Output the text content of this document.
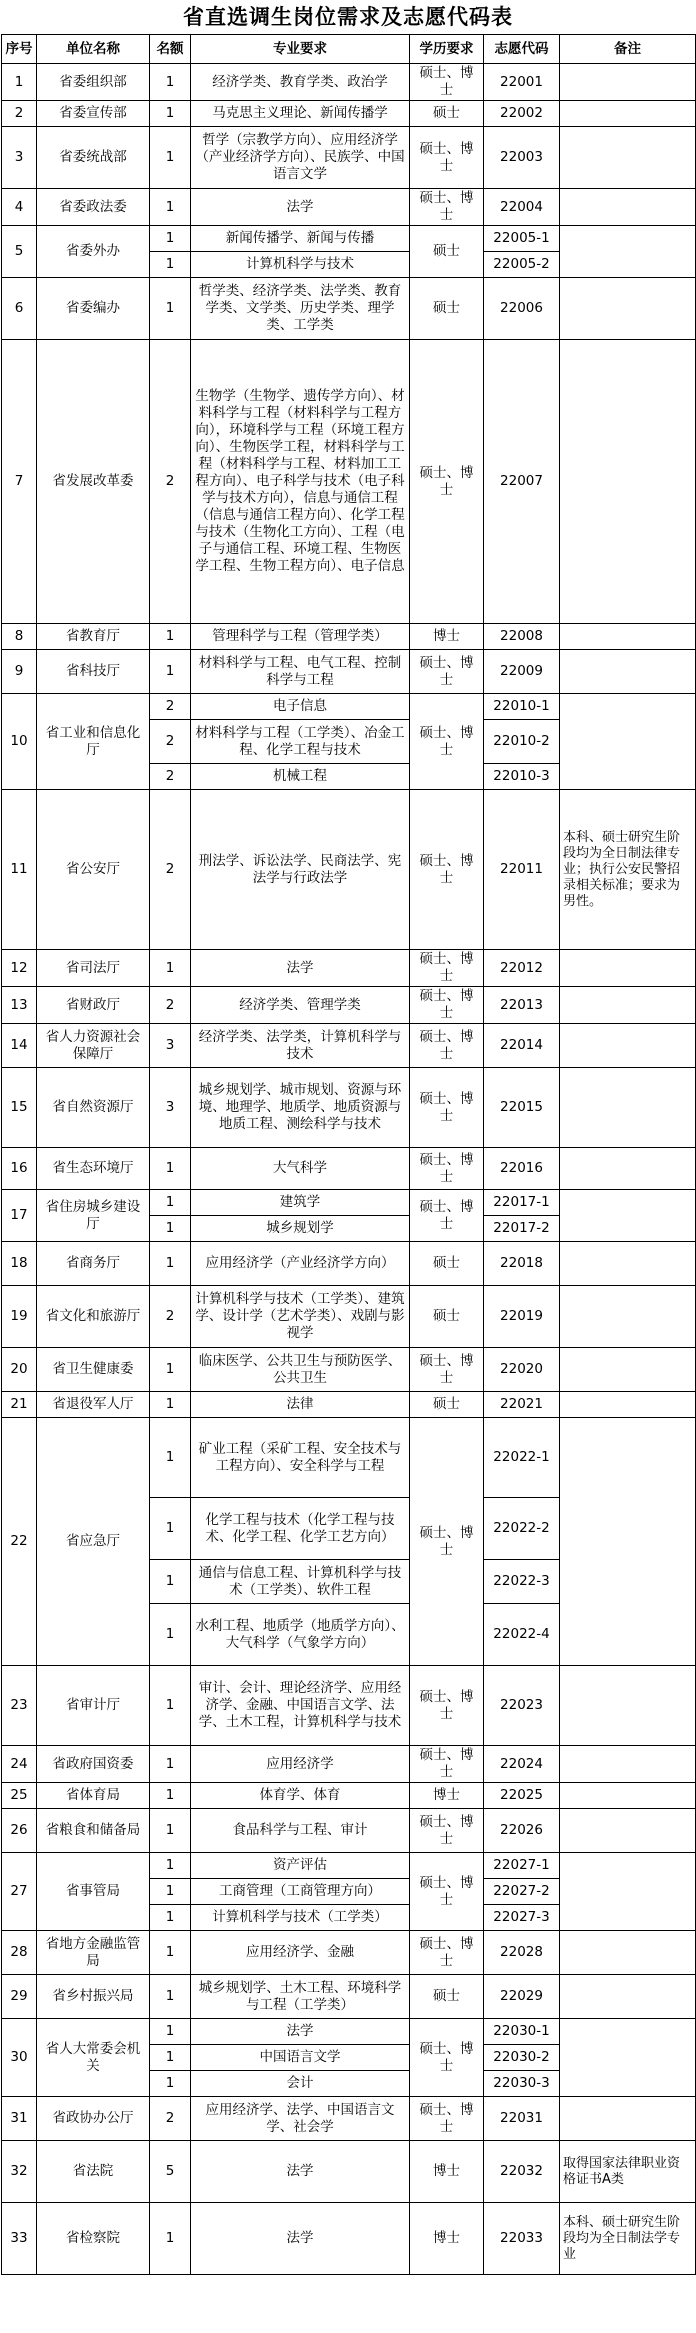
省直选调生岗位需求及志愿代码表
序号	单位名称	名额	专业要求	学历要求	志愿代码	备注
1	省委组织部	1	经济学类、教育学类、政治学	硕士、博士	22001	
2	省委宣传部	1	马克思主义理论、新闻传播学	硕士	22002	
3	省委统战部	1	哲学（宗教学方向）、应用经济学（产业经济学方向）、民族学、中国语言文学	硕士、博士	22003	
4	省委政法委	1	法学	硕士、博士	22004	
5	省委外办	1	新闻传播学、新闻与传播	硕士	22005-1	
		1	计算机科学与技术		22005-2	
6	省委编办	1	哲学类、经济学类、法学类、教育学类、文学类、历史学类、理学类、工学类	硕士	22006	
7	省发展改革委	2	生物学（生物学、遗传学方向）、材料科学与工程（材料科学与工程方向），环境科学与工程（环境工程方向）、生物医学工程，材料科学与工程（材料科学与工程、材料加工工程方向）、电子科学与技术（电子科学与技术方向），信息与通信工程（信息与通信工程方向）、化学工程与技术（生物化工方向）、工程（电子与通信工程、环境工程、生物医学工程、生物工程方向）、电子信息	硕士、博士	22007	
8	省教育厅	1	管理科学与工程（管理学类）	博士	22008	
9	省科技厅	1	材料科学与工程、电气工程、控制科学与工程	硕士、博士	22009	
10	省工业和信息化厅	2	电子信息	硕士、博士	22010-1	
		2	材料科学与工程（工学类）、冶金工程、化学工程与技术		22010-2	
		2	机械工程		22010-3	
11	省公安厅	2	刑法学、诉讼法学、民商法学、宪法学与行政法学	硕士、博士	22011	本科、硕士研究生阶段均为全日制法律专业；执行公安民警招录相关标准；要求为男性。
12	省司法厅	1	法学	硕士、博士	22012	
13	省财政厅	2	经济学类、管理学类	硕士、博士	22013	
14	省人力资源社会保障厅	3	经济学类、法学类，计算机科学与技术	硕士、博士	22014	
15	省自然资源厅	3	城乡规划学、城市规划、资源与环境、地理学、地质学、地质资源与地质工程、测绘科学与技术	硕士、博士	22015	
16	省生态环境厅	1	大气科学	硕士、博士	22016	
17	省住房城乡建设厅	1	建筑学	硕士、博士	22017-1	
		1	城乡规划学		22017-2	
18	省商务厅	1	应用经济学（产业经济学方向）	硕士	22018	
19	省文化和旅游厅	2	计算机科学与技术（工学类）、建筑学、设计学（艺术学类）、戏剧与影视学	硕士	22019	
20	省卫生健康委	1	临床医学、公共卫生与预防医学、公共卫生	硕士、博士	22020	
21	省退役军人厅	1	法律	硕士	22021	
22	省应急厅	1	矿业工程（采矿工程、安全技术与工程方向）、安全科学与工程	硕士、博士	22022-1	
		1	化学工程与技术（化学工程与技术、化学工程、化学工艺方向）		22022-2	
		1	通信与信息工程、计算机科学与技术（工学类）、软件工程		22022-3	
		1	水利工程、地质学（地质学方向）、大气科学（气象学方向）		22022-4	
23	省审计厅	1	审计、会计、理论经济学、应用经济学、金融、中国语言文学、法学、土木工程，计算机科学与技术	硕士、博士	22023	
24	省政府国资委	1	应用经济学	硕士、博士	22024	
25	省体育局	1	体育学、体育	博士	22025	
26	省粮食和储备局	1	食品科学与工程、审计	硕士、博士	22026	
27	省事管局	1	资产评估	硕士、博士	22027-1	
		1	工商管理（工商管理方向）		22027-2	
		1	计算机科学与技术（工学类）		22027-3	
28	省地方金融监管局	1	应用经济学、金融	硕士、博士	22028	
29	省乡村振兴局	1	城乡规划学、土木工程、环境科学与工程（工学类）	硕士	22029	
30	省人大常委会机关	1	法学	硕士、博士	22030-1	
		1	中国语言文学		22030-2	
		1	会计		22030-3	
31	省政协办公厅	2	应用经济学、法学、中国语言文学、社会学	硕士、博士	22031	
32	省法院	5	法学	博士	22032	取得国家法律职业资格证书A类
33	省检察院	1	法学	博士	22033	本科、硕士研究生阶段均为全日制法学专业
